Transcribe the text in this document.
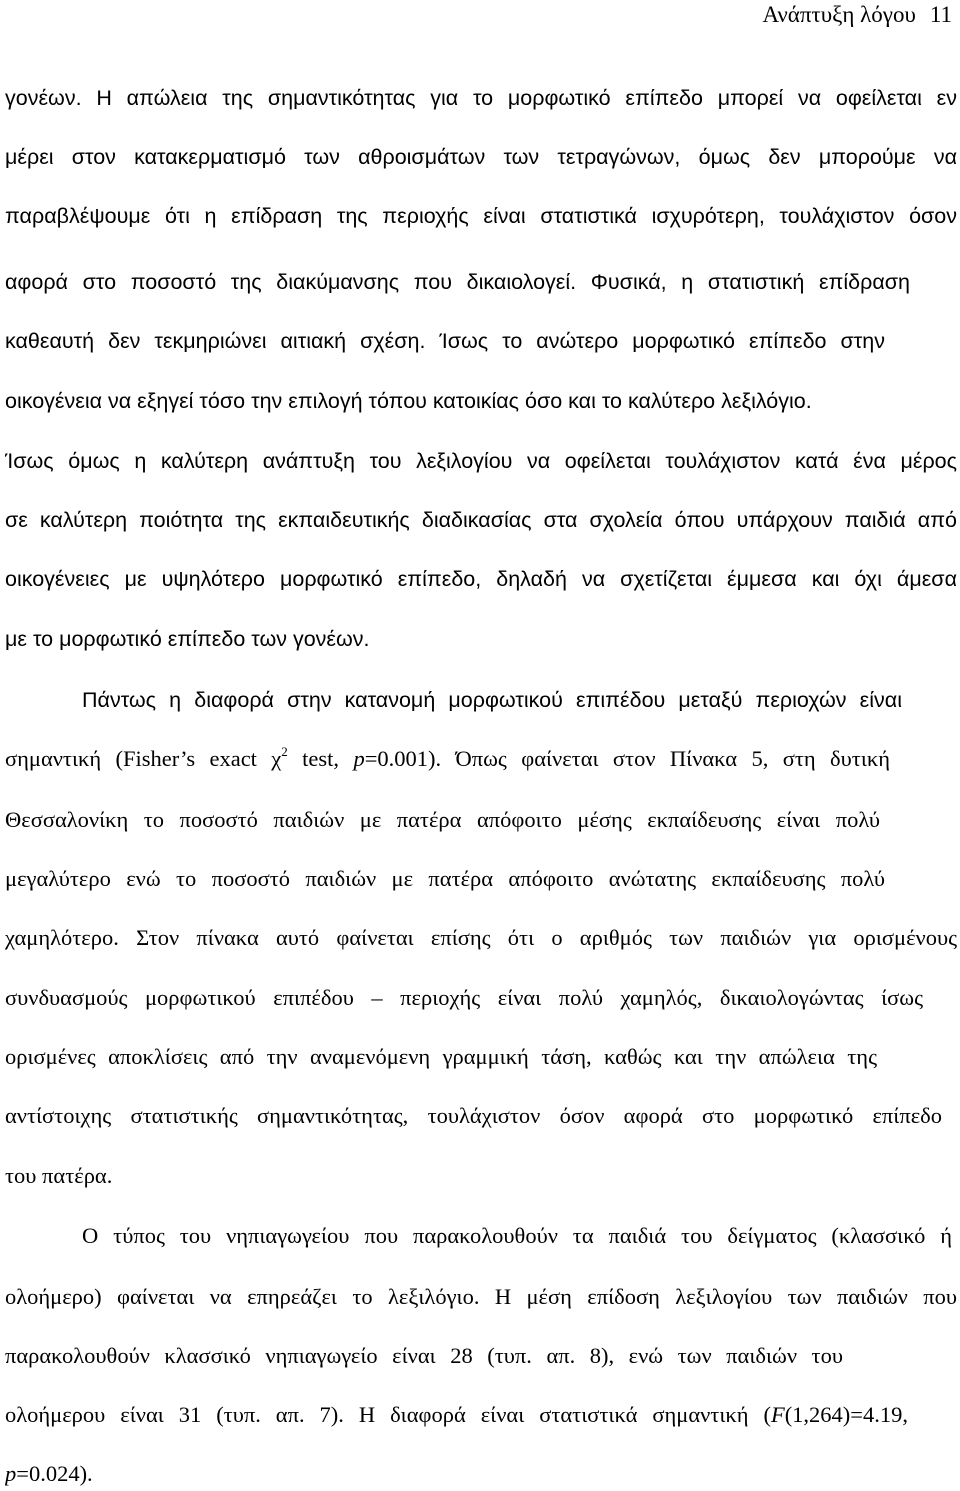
Ανάπτυξη λόγου 11
γονέων. Η απώλεια της σημαντικότητας για το μορφωτικό επίπεδο μπορεί να οφείλεται εν
μέρει στον κατακερματισμό των αθροισμάτων των τετραγώνων, όμως δεν μπορούμε να
παραβλέψουμε ότι η επίδραση της περιοχής είναι στατιστικά ισχυρότερη, τουλάχιστον όσον
αφορά στο ποσοστό της διακύμανσης που δικαιολογεί. Φυσικά, η στατιστική επίδραση
καθεαυτή δεν τεκμηριώνει αιτιακή σχέση. Ίσως το ανώτερο μορφωτικό επίπεδο στην
οικογένεια να εξηγεί τόσο την επιλογή τόπου κατοικίας όσο και το καλύτερο λεξιλόγιο.
Ίσως όμως η καλύτερη ανάπτυξη του λεξιλογίου να οφείλεται τουλάχιστον κατά ένα μέρος
σε καλύτερη ποιότητα της εκπαιδευτικής διαδικασίας στα σχολεία όπου υπάρχουν παιδιά από
οικογένειες με υψηλότερο μορφωτικό επίπεδο, δηλαδή να σχετίζεται έμμεσα και όχι άμεσα
με το μορφωτικό επίπεδο των γονέων.
Πάντως η διαφορά στην κατανομή μορφωτικού επιπέδου μεταξύ περιοχών είναι
σημαντική (Fisher’s exact $\chi^2$ test, p=0.001). Όπως φαίνεται στον Πίνακα 5, στη δυτική
Θεσσαλονίκη το ποσοστό παιδιών με πατέρα απόφοιτο μέσης εκπαίδευσης είναι πολύ
μεγαλύτερο ενώ το ποσοστό παιδιών με πατέρα απόφοιτο ανώτατης εκπαίδευσης πολύ
χαμηλότερο. Στον πίνακα αυτό φαίνεται επίσης ότι ο αριθμός των παιδιών για ορισμένους
συνδυασμούς μορφωτικού επιπέδου – περιοχής είναι πολύ χαμηλός, δικαιολογώντας ίσως
ορισμένες αποκλίσεις από την αναμενόμενη γραμμική τάση, καθώς και την απώλεια της
αντίστοιχης στατιστικής σημαντικότητας, τουλάχιστον όσον αφορά στο μορφωτικό επίπεδο
του πατέρα.
Ο τύπος του νηπιαγωγείου που παρακολουθούν τα παιδιά του δείγματος (κλασσικό ή
ολοήμερο) φαίνεται να επηρεάζει το λεξιλόγιο. Η μέση επίδοση λεξιλογίου των παιδιών που
παρακολουθούν κλασσικό νηπιαγωγείο είναι 28 (τυπ. απ. 8), ενώ των παιδιών του
ολοήμερου είναι 31 (τυπ. απ. 7). Η διαφορά είναι στατιστικά σημαντική (F(1,264)=4.19,
p=0.024).
